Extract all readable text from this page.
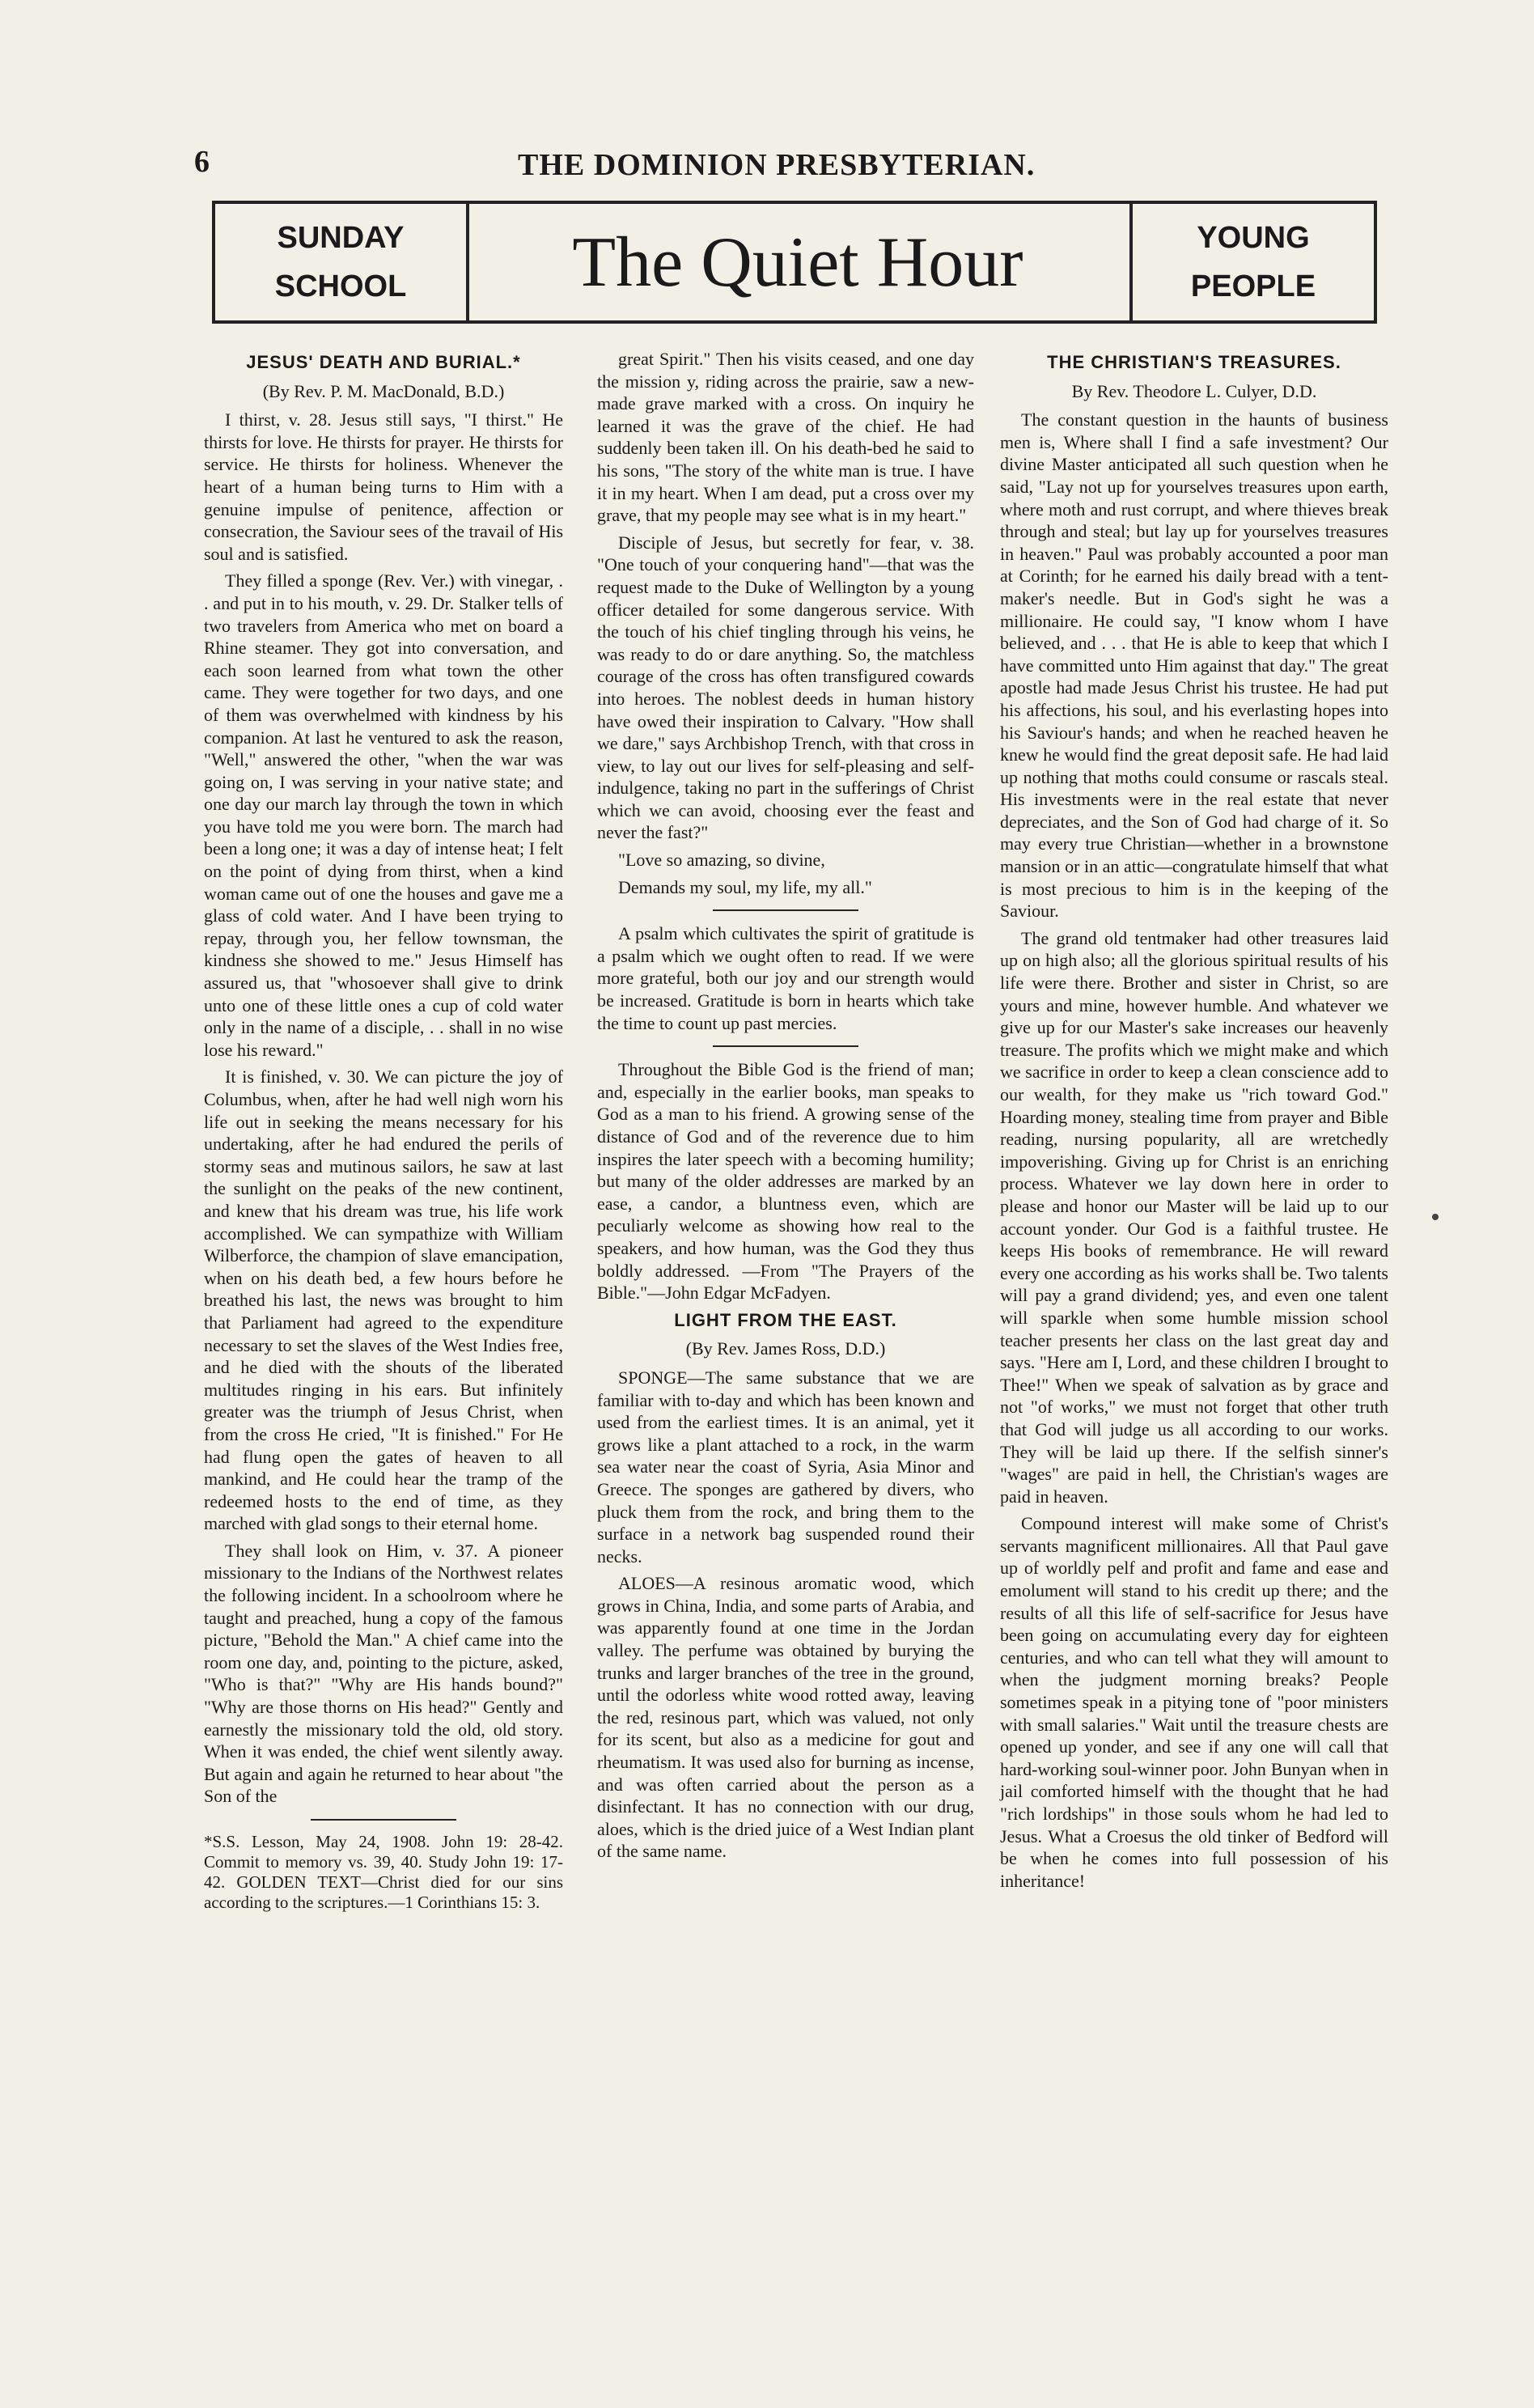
6	THE DOMINION PRESBYTERIAN.
SUNDAY
SCHOOL	The Quiet Hour	YOUNG
PEOPLE
JESUS' DEATH AND BURIAL.*
(By Rev. P. M. MacDonald, B.D.)

I thirst, v. 28. Jesus still says, "I thirst." He thirsts for love. He thirsts for prayer. He thirsts for service. He thirsts for holiness. Whenever the heart of a human being turns to Him with a genuine impulse of penitence, affection or consecration, the Saviour sees of the travail of His soul and is satisfied.

They filled a sponge (Rev. Ver.) with vinegar, . . and put in to his mouth, v. 29. Dr. Stalker tells of two travelers from America who met on board a Rhine steamer. They got into conversation, and each soon learned from what town the other came. They were together for two days, and one of them was overwhelmed with kindness by his companion. At last he ventured to ask the reason, "Well," answered the other, "when the war was going on, I was serving in your native state; and one day our march lay through the town in which you have told me you were born. The march had been a long one; it was a day of intense heat; I felt on the point of dying from thirst, when a kind woman came out of one the houses and gave me a glass of cold water. And I have been trying to repay, through you, her fellow townsman, the kindness she showed to me." Jesus Himself has assured us, that "whosoever shall give to drink unto one of these little ones a cup of cold water only in the name of a disciple, . . shall in no wise lose his reward."

It is finished, v. 30. We can picture the joy of Columbus, when, after he had well nigh worn his life out in seeking the means necessary for his undertaking, after he had endured the perils of stormy seas and mutinous sailors, he saw at last the sunlight on the peaks of the new continent, and knew that his dream was true, his life work accomplished. We can sympathize with William Wilberforce, the champion of slave emancipation, when on his death bed, a few hours before he breathed his last, the news was brought to him that Parliament had agreed to the expenditure necessary to set the slaves of the West Indies free, and he died with the shouts of the liberated multitudes ringing in his ears. But infinitely greater was the triumph of Jesus Christ, when from the cross He cried, "It is finished." For He had flung open the gates of heaven to all mankind, and He could hear the tramp of the redeemed hosts to the end of time, as they marched with glad songs to their eternal home.

They shall look on Him, v. 37. A pioneer missionary to the Indians of the Northwest relates the following incident. In a schoolroom where he taught and preached, hung a copy of the famous picture, "Behold the Man." A chief came into the room one day, and, pointing to the picture, asked, "Who is that?" "Why are His hands bound?" "Why are those thorns on His head?" Gently and earnestly the missionary told the old, old story. When it was ended, the chief went silently away. But again and again he returned to hear about "the Son of the

*S.S. Lesson, May 24, 1908. John 19: 28-42. Commit to memory vs. 39, 40. Study John 19: 17-42. GOLDEN TEXT—Christ died for our sins according to the scriptures.—1 Corinthians 15: 3.

great Spirit." Then his visits ceased, and one day the mission y, riding across the prairie, saw a new-made grave marked with a cross. On inquiry he learned it was the grave of the chief. He had suddenly been taken ill. On his death-bed he said to his sons, "The story of the white man is true. I have it in my heart. When I am dead, put a cross over my grave, that my people may see what is in my heart."

Disciple of Jesus, but secretly for fear, v. 38. "One touch of your conquering hand"—that was the request made to the Duke of Wellington by a young officer detailed for some dangerous service. With the touch of his chief tingling through his veins, he was ready to do or dare anything. So, the matchless courage of the cross has often transfigured cowards into heroes. The noblest deeds in human history have owed their inspiration to Calvary. "How shall we dare," says Archbishop Trench, with that cross in view, to lay out our lives for self-pleasing and self-indulgence, taking no part in the sufferings of Christ which we can avoid, choosing ever the feast and never the fast?"

"Love so amazing, so divine,

Demands my soul, my life, my all."

A psalm which cultivates the spirit of gratitude is a psalm which we ought often to read. If we were more grateful, both our joy and our strength would be increased. Gratitude is born in hearts which take the time to count up past mercies.

Throughout the Bible God is the friend of man; and, especially in the earlier books, man speaks to God as a man to his friend. A growing sense of the distance of God and of the reverence due to him inspires the later speech with a becoming humility; but many of the older addresses are marked by an ease, a candor, a bluntness even, which are peculiarly welcome as showing how real to the speakers, and how human, was the God they thus boldly addressed. —From "The Prayers of the Bible."—John Edgar McFadyen.

LIGHT FROM THE EAST.
(By Rev. James Ross, D.D.)

SPONGE—The same substance that we are familiar with to-day and which has been known and used from the earliest times. It is an animal, yet it grows like a plant attached to a rock, in the warm sea water near the coast of Syria, Asia Minor and Greece. The sponges are gathered by divers, who pluck them from the rock, and bring them to the surface in a network bag suspended round their necks.

ALOES—A resinous aromatic wood, which grows in China, India, and some parts of Arabia, and was apparently found at one time in the Jordan valley. The perfume was obtained by burying the trunks and larger branches of the tree in the ground, until the odorless white wood rotted away, leaving the red, resinous part, which was valued, not only for its scent, but also as a medicine for gout and rheumatism. It was used also for burning as incense, and was often carried about the person as a disinfectant. It has no connection with our drug, aloes, which is the dried juice of a West Indian plant of the same name.

THE CHRISTIAN'S TREASURES.
By Rev. Theodore L. Culyer, D.D.

The constant question in the haunts of business men is, Where shall I find a safe investment? Our divine Master anticipated all such question when he said, "Lay not up for yourselves treasures upon earth, where moth and rust corrupt, and where thieves break through and steal; but lay up for yourselves treasures in heaven." Paul was probably accounted a poor man at Corinth; for he earned his daily bread with a tent-maker's needle. But in God's sight he was a millionaire. He could say, "I know whom I have believed, and . . . that He is able to keep that which I have committed unto Him against that day." The great apostle had made Jesus Christ his trustee. He had put his affections, his soul, and his everlasting hopes into his Saviour's hands; and when he reached heaven he knew he would find the great deposit safe. He had laid up nothing that moths could consume or rascals steal. His investments were in the real estate that never depreciates, and the Son of God had charge of it. So may every true Christian—whether in a brownstone mansion or in an attic—congratulate himself that what is most precious to him is in the keeping of the Saviour.

The grand old tentmaker had other treasures laid up on high also; all the glorious spiritual results of his life were there. Brother and sister in Christ, so are yours and mine, however humble. And whatever we give up for our Master's sake increases our heavenly treasure. The profits which we might make and which we sacrifice in order to keep a clean conscience add to our wealth, for they make us "rich toward God." Hoarding money, stealing time from prayer and Bible reading, nursing popularity, all are wretchedly impoverishing. Giving up for Christ is an enriching process. Whatever we lay down here in order to please and honor our Master will be laid up to our account yonder. Our God is a faithful trustee. He keeps His books of remembrance. He will reward every one according as his works shall be. Two talents will pay a grand dividend; yes, and even one talent will sparkle when some humble mission school teacher presents her class on the last great day and says. "Here am I, Lord, and these children I brought to Thee!" When we speak of salvation as by grace and not "of works," we must not forget that other truth that God will judge us all according to our works. They will be laid up there. If the selfish sinner's "wages" are paid in hell, the Christian's wages are paid in heaven.

Compound interest will make some of Christ's servants magnificent millionaires. All that Paul gave up of worldly pelf and profit and fame and ease and emolument will stand to his credit up there; and the results of all this life of self-sacrifice for Jesus have been going on accumulating every day for eighteen centuries, and who can tell what they will amount to when the judgment morning breaks? People sometimes speak in a pitying tone of "poor ministers with small salaries." Wait until the treasure chests are opened up yonder, and see if any one will call that hard-working soul-winner poor. John Bunyan when in jail comforted himself with the thought that he had "rich lordships" in those souls whom he had led to Jesus. What a Croesus the old tinker of Bedford will be when he comes into full possession of his inheritance!
